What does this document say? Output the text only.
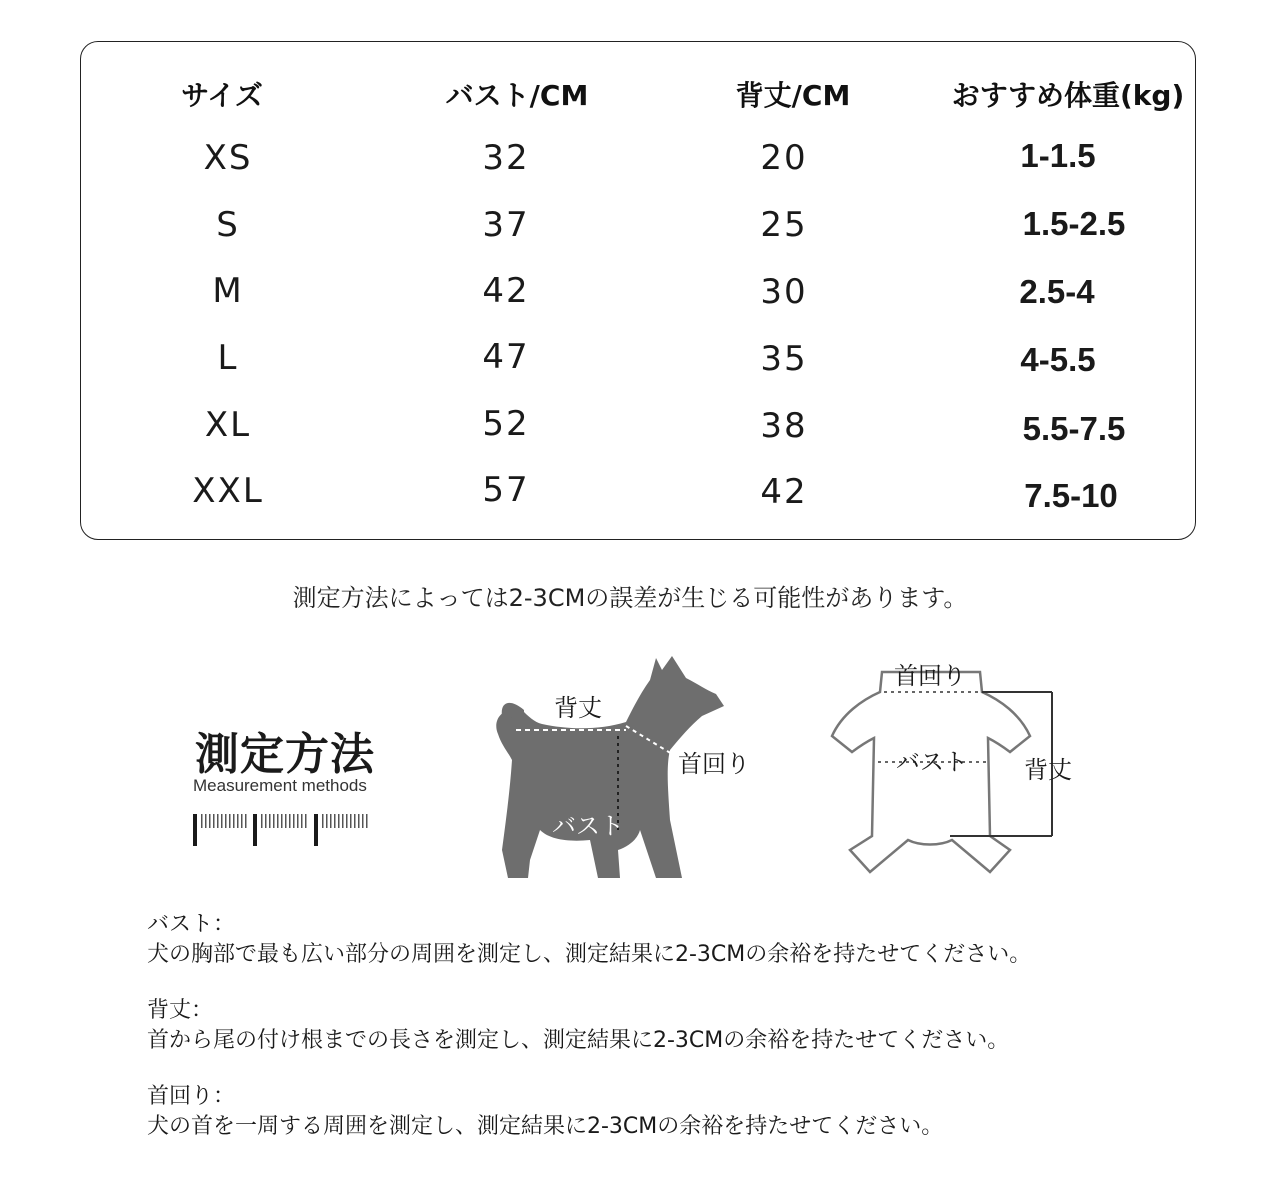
サイズ	バスト/CM	背丈/CM	おすすめ体重(kg)
XS	32	20	1-1.5
S	37	25	1.5-2.5
M	42	30	2.5-4
L	47	35	4-5.5
XL	52	38	5.5-7.5
XXL	57	42	7.5-10
測定方法によっては2-3CMの誤差が生じる可能性があります。
測定方法
Measurement methods
背丈
首回り
バスト
首回り
バスト 背丈
バスト：
犬の胸部で最も広い部分の周囲を測定し、測定結果に2-3CMの余裕を持たせてください。
背丈：
首から尾の付け根までの長さを測定し、測定結果に2-3CMの余裕を持たせてください。
首回り：
犬の首を一周する周囲を測定し、測定結果に2-3CMの余裕を持たせてください。
